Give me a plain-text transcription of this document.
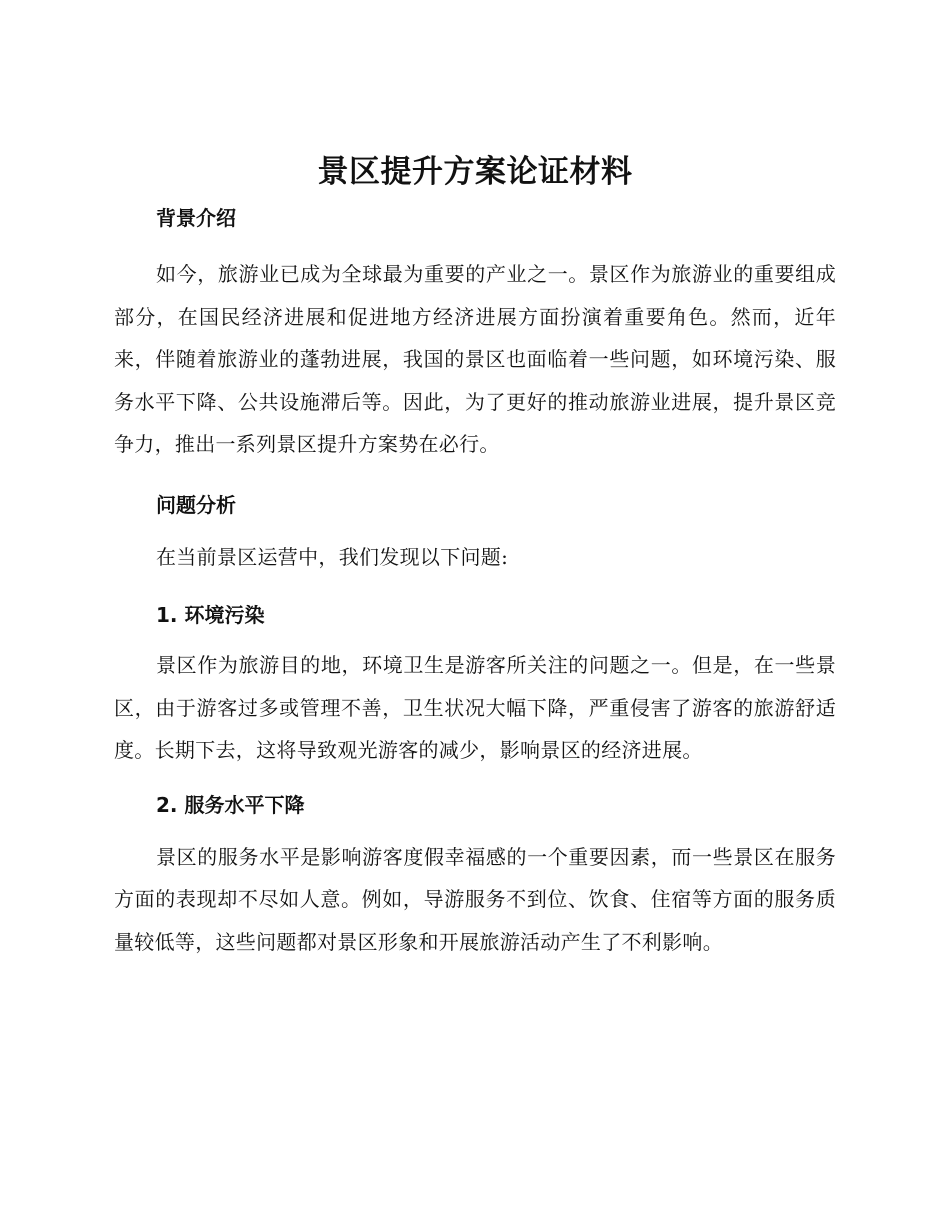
景区提升方案论证材料
背景介绍

如今，旅游业已成为全球最为重要的产业之一。景区作为旅游业的重要组成部分，在国民经济进展和促进地方经济进展方面扮演着重要角色。然而，近年来，伴随着旅游业的蓬勃进展，我国的景区也面临着一些问题，如环境污染、服务水平下降、公共设施滞后等。因此，为了更好的推动旅游业进展，提升景区竞争力，推出一系列景区提升方案势在必行。

问题分析

在当前景区运营中，我们发现以下问题:

1. 环境污染

景区作为旅游目的地，环境卫生是游客所关注的问题之一。但是，在一些景区，由于游客过多或管理不善，卫生状况大幅下降，严重侵害了游客的旅游舒适度。长期下去，这将导致观光游客的减少，影响景区的经济进展。

2. 服务水平下降

景区的服务水平是影响游客度假幸福感的一个重要因素，而一些景区在服务方面的表现却不尽如人意。例如，导游服务不到位、饮食、住宿等方面的服务质量较低等，这些问题都对景区形象和开展旅游活动产生了不利影响。
